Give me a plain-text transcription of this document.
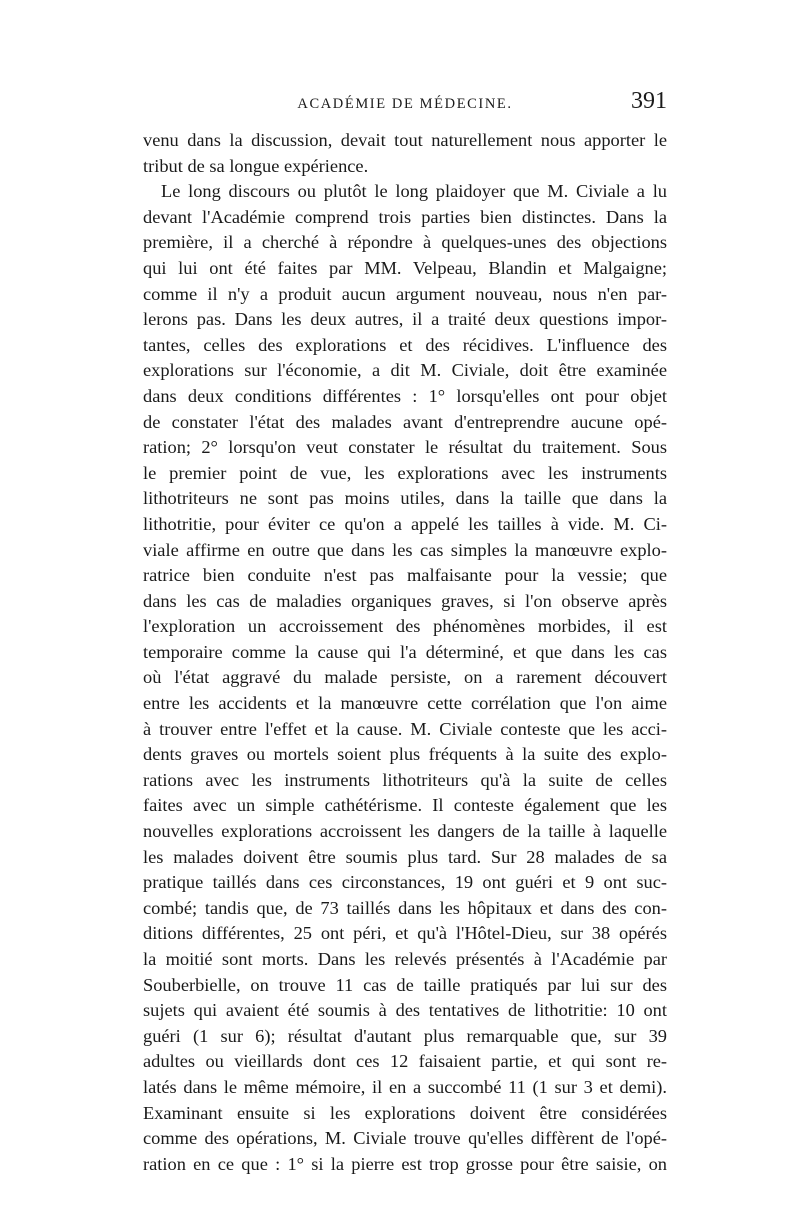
ACADÉMIE DE MÉDECINE.	391
venu dans la discussion, devait tout naturellement nous apporter le
tribut de sa longue expérience.
Le long discours ou plutôt le long plaidoyer que M. Civiale a lu
devant l'Académie comprend trois parties bien distinctes. Dans la
première, il a cherché à répondre à quelques-unes des objections
qui lui ont été faites par MM. Velpeau, Blandin et Malgaigne;
comme il n'y a produit aucun argument nouveau, nous n'en par-
lerons pas. Dans les deux autres, il a traité deux questions impor-
tantes, celles des explorations et des récidives. L'influence des
explorations sur l'économie, a dit M. Civiale, doit être examinée
dans deux conditions différentes : 1° lorsqu'elles ont pour objet
de constater l'état des malades avant d'entreprendre aucune opé-
ration; 2° lorsqu'on veut constater le résultat du traitement. Sous
le premier point de vue, les explorations avec les instruments
lithotriteurs ne sont pas moins utiles, dans la taille que dans la
lithotritie, pour éviter ce qu'on a appelé les tailles à vide. M. Ci-
viale affirme en outre que dans les cas simples la manœuvre explo-
ratrice bien conduite n'est pas malfaisante pour la vessie; que
dans les cas de maladies organiques graves, si l'on observe après
l'exploration un accroissement des phénomènes morbides, il est
temporaire comme la cause qui l'a déterminé, et que dans les cas
où l'état aggravé du malade persiste, on a rarement découvert
entre les accidents et la manœuvre cette corrélation que l'on aime
à trouver entre l'effet et la cause. M. Civiale conteste que les acci-
dents graves ou mortels soient plus fréquents à la suite des explo-
rations avec les instruments lithotriteurs qu'à la suite de celles
faites avec un simple cathétérisme. Il conteste également que les
nouvelles explorations accroissent les dangers de la taille à laquelle
les malades doivent être soumis plus tard. Sur 28 malades de sa
pratique taillés dans ces circonstances, 19 ont guéri et 9 ont suc-
combé; tandis que, de 73 taillés dans les hôpitaux et dans des con-
ditions différentes, 25 ont péri, et qu'à l'Hôtel-Dieu, sur 38 opérés
la moitié sont morts. Dans les relevés présentés à l'Académie par
Souberbielle, on trouve 11 cas de taille pratiqués par lui sur des
sujets qui avaient été soumis à des tentatives de lithotritie: 10 ont
guéri (1 sur 6); résultat d'autant plus remarquable que, sur 39
adultes ou vieillards dont ces 12 faisaient partie, et qui sont re-
latés dans le même mémoire, il en a succombé 11 (1 sur 3 et demi).
Examinant ensuite si les explorations doivent être considérées
comme des opérations, M. Civiale trouve qu'elles diffèrent de l'opé-
ration en ce que : 1° si la pierre est trop grosse pour être saisie, on
